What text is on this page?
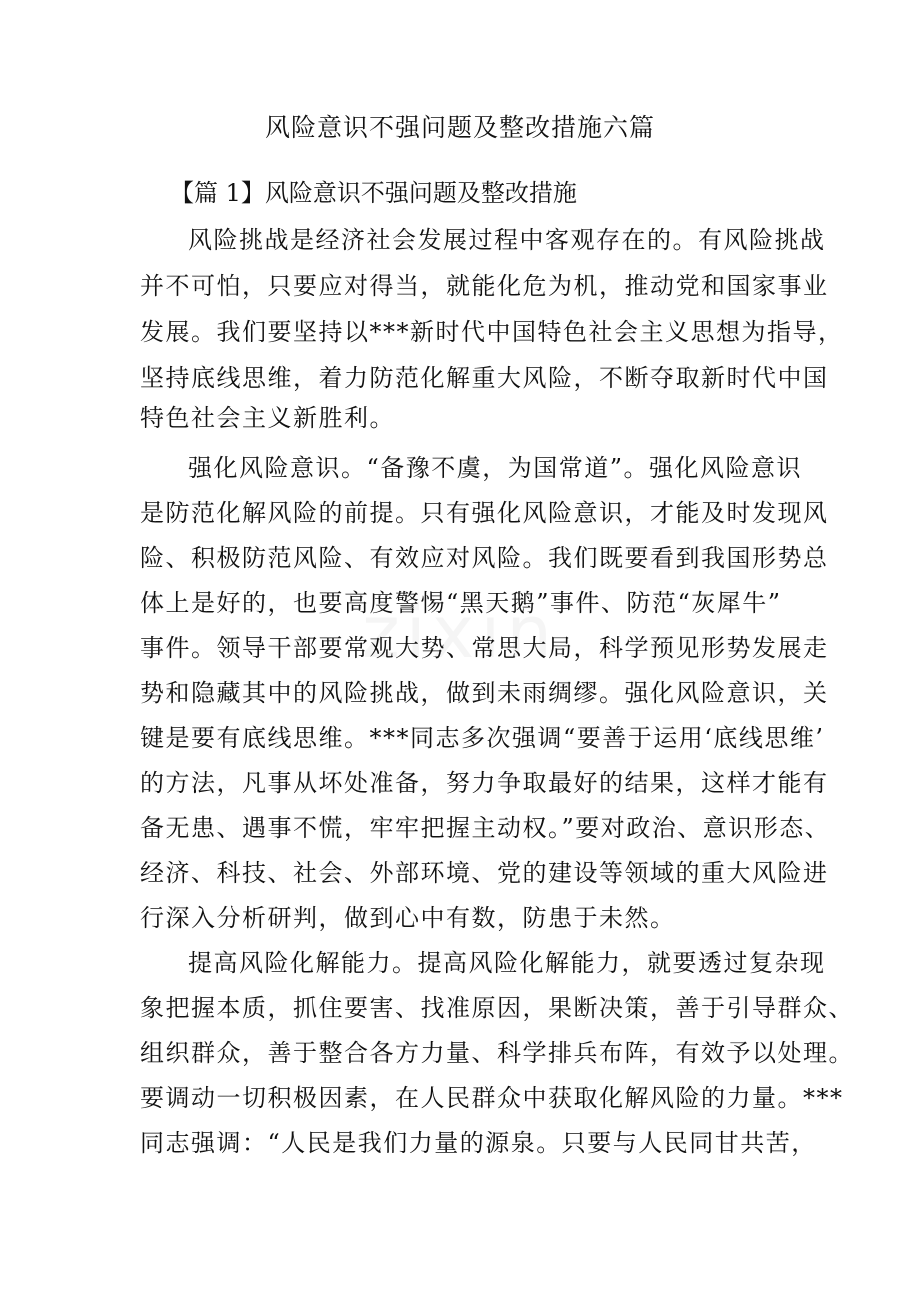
风险意识不强问题及整改措施六篇
【篇 1】风险意识不强问题及整改措施
风险挑战是经济社会发展过程中客观存在的。有风险挑战
并不可怕，只要应对得当，就能化危为机，推动党和国家事业
发展。我们要坚持以***新时代中国特色社会主义思想为指导，
坚持底线思维，着力防范化解重大风险，不断夺取新时代中国
特色社会主义新胜利。
强化风险意识。“备豫不虞，为国常道”。强化风险意识
是防范化解风险的前提。只有强化风险意识，才能及时发现风
险、积极防范风险、有效应对风险。我们既要看到我国形势总
体上是好的，也要高度警惕“黑天鹅”事件、防范“灰犀牛”
事件。领导干部要常观大势、常思大局，科学预见形势发展走
势和隐藏其中的风险挑战，做到未雨绸缪。强化风险意识，关
键是要有底线思维。***同志多次强调“要善于运用‘底线思维’
的方法，凡事从坏处准备，努力争取最好的结果，这样才能有
备无患、遇事不慌，牢牢把握主动权。”要对政治、意识形态、
经济、科技、社会、外部环境、党的建设等领域的重大风险进
行深入分析研判，做到心中有数，防患于未然。
提高风险化解能力。提高风险化解能力，就要透过复杂现
象把握本质，抓住要害、找准原因，果断决策，善于引导群众、
组织群众，善于整合各方力量、科学排兵布阵，有效予以处理。
要调动一切积极因素，在人民群众中获取化解风险的力量。***
同志强调：“人民是我们力量的源泉。只要与人民同甘共苦，
